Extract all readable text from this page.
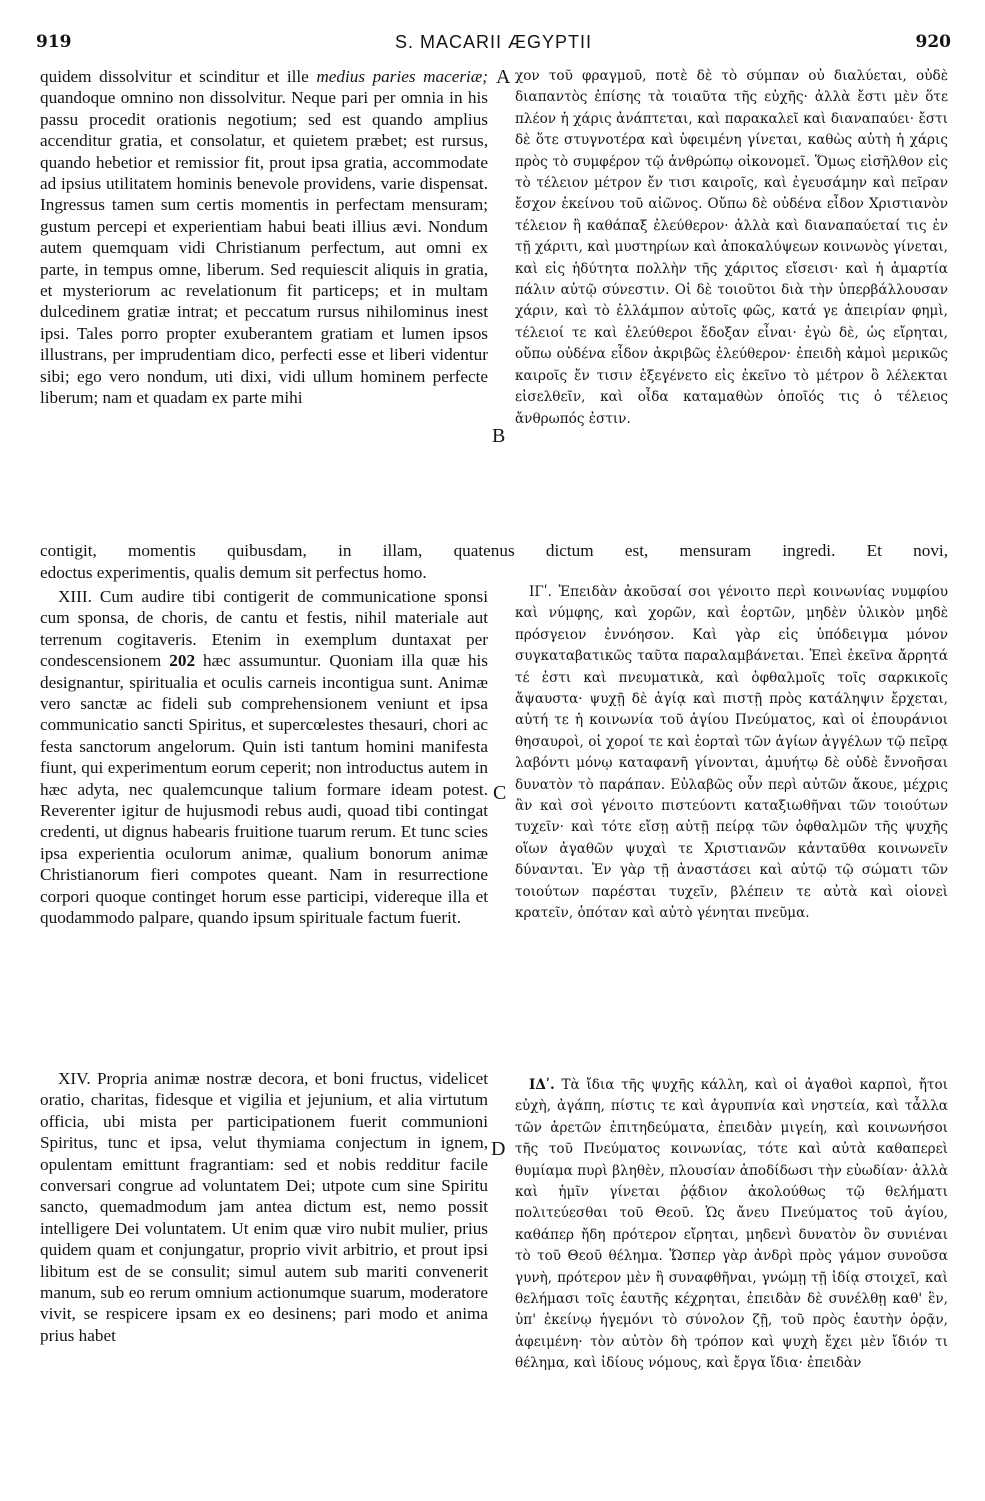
919	S. MACARII ÆGYPTII	920
A
B
C
D

quidem dissolvitur et scinditur et ille medius paries maceriæ; quandoque omnino non dissolvitur. Neque pari per omnia in his passu procedit orationis negotium; sed est quando amplius accenditur gratia, et consolatur, et quietem præbet; est rursus, quando hebetior et remissior fit, prout ipsa gratia, accommodate ad ipsius utilitatem hominis benevole providens, varie dispensat. Ingressus tamen sum certis momentis in perfectam mensuram; gustum percepi et experientiam habui beati illius ævi. Nondum autem quemquam vidi Christianum perfectum, aut omni ex parte, in tempus omne, liberum. Sed requiescit aliquis in gratia, et mysteriorum ac revelationum fit particeps; et in multam dulcedinem gratiæ intrat; et peccatum rursus nihilominus inest ipsi. Tales porro propter exuberantem gratiam et lumen ipsos illustrans, per imprudentiam dico, perfecti esse et liberi videntur sibi; ego vero nondum, uti dixi, vidi ullum hominem perfecte liberum; nam et quadam ex parte mihi

χον τοῦ φραγμοῦ, ποτὲ δὲ τὸ σύμπαν οὐ διαλύεται, οὐδὲ διαπαντὸς ἐπίσης τὰ τοιαῦτα τῆς εὐχῆς· ἀλλὰ ἔστι μὲν ὅτε πλέον ἡ χάρις ἀνάπτεται, καὶ παρακαλεῖ καὶ διαναπαύει· ἔστι δὲ ὅτε στυγνοτέρα καὶ ὑφειμένη γίνεται, καθὼς αὐτὴ ἡ χάρις πρὸς τὸ συμφέρον τῷ ἀνθρώπῳ οἰκονομεῖ. Ὅμως εἰσῆλθον εἰς τὸ τέλειον μέτρον ἔν τισι καιροῖς, καὶ ἐγευσάμην καὶ πεῖραν ἔσχον ἐκείνου τοῦ αἰῶνος. Οὔπω δὲ οὐδένα εἶδον Χριστιανὸν τέλειον ἢ καθάπαξ ἐλεύθερον· ἀλλὰ καὶ διαναπαύεταί τις ἐν τῇ χάριτι, καὶ μυστηρίων καὶ ἀποκαλύψεων κοινωνὸς γίνεται, καὶ εἰς ἡδύτητα πολλὴν τῆς χάριτος εἴσεισι· καὶ ἡ ἁμαρτία πάλιν αὐτῷ σύνεστιν. Οἱ δὲ τοιοῦτοι διὰ τὴν ὑπερβάλλουσαν χάριν, καὶ τὸ ἐλλάμπον αὐτοῖς φῶς, κατά γε ἀπειρίαν φημὶ, τέλειοί τε καὶ ἐλεύθεροι ἔδοξαν εἶναι· ἐγὼ δὲ, ὡς εἴρηται, οὔπω οὐδένα εἶδον ἀκριβῶς ἐλεύθερον· ἐπειδὴ κἀμοὶ μερικῶς καιροῖς ἔν τισιν ἐξεγένετο εἰς ἐκεῖνο τὸ μέτρον ὃ λέλεκται εἰσελθεῖν, καὶ οἶδα καταμαθὼν ὁποῖός τις ὁ τέλειος ἄνθρωπός ἐστιν.

contigit, momentis quibusdam, in illam, quatenus dictum est, mensuram ingredi. Et novi,
edoctus experimentis, qualis demum sit perfectus homo.

XIII. Cum audire tibi contigerit de communicatione sponsi cum sponsa, de choris, de cantu et festis, nihil materiale aut terrenum cogitaveris. Etenim in exemplum duntaxat per condescensionem 202 hæc assumuntur. Quoniam illa quæ his designantur, spiritualia et oculis carneis incontigua sunt. Animæ vero sanctæ ac fideli sub comprehensionem veniunt et ipsa communicatio sancti Spiritus, et supercœlestes thesauri, chori ac festa sanctorum angelorum. Quin isti tantum homini manifesta fiunt, qui experimentum eorum ceperit; non introductus autem in hæc adyta, nec qualemcunque talium formare ideam potest. Reverenter igitur de hujusmodi rebus audi, quoad tibi contingat credenti, ut dignus habearis fruitione tuarum rerum. Et tunc scies ipsa experientia oculorum animæ, qualium bonorum animæ Christianorum fieri compotes queant. Nam in resurrectione corpori quoque continget horum esse participi, videreque illa et quodammodo palpare, quando ipsum spirituale factum fuerit.

ΙΓʹ. Ἐπειδὰν ἀκοῦσαί σοι γένοιτο περὶ κοινωνίας νυμφίου καὶ νύμφης, καὶ χορῶν, καὶ ἑορτῶν, μηδὲν ὑλικὸν μηδὲ πρόσγειον ἐννόησον. Καὶ γὰρ εἰς ὑπόδειγμα μόνον συγκαταβατικῶς ταῦτα παραλαμβάνεται. Ἐπεὶ ἐκεῖνα ἄρρητά τέ ἐστι καὶ πνευματικὰ, καὶ ὀφθαλμοῖς τοῖς σαρκικοῖς ἄψαυστα· ψυχῇ δὲ ἁγίᾳ καὶ πιστῇ πρὸς κατάληψιν ἔρχεται, αὐτή τε ἡ κοινωνία τοῦ ἁγίου Πνεύματος, καὶ οἱ ἐπουράνιοι θησαυροὶ, οἱ χοροί τε καὶ ἑορταὶ τῶν ἁγίων ἀγγέλων τῷ πεῖρᾳ λαβόντι μόνῳ καταφανῆ γίνονται, ἀμυήτῳ δὲ οὐδὲ ἔννοῆσαι δυνατὸν τὸ παράπαν. Εὐλαβῶς οὖν περὶ αὐτῶν ἄκουε, μέχρις ἂν καὶ σοὶ γένοιτο πιστεύοντι καταξιωθῆναι τῶν τοιούτων τυχεῖν· καὶ τότε εἴσῃ αὐτῇ πείρᾳ τῶν ὀφθαλμῶν τῆς ψυχῆς οἵων ἀγαθῶν ψυχαὶ τε Χριστιανῶν κἀνταῦθα κοινωνεῖν δύνανται. Ἐν γὰρ τῇ ἀναστάσει καὶ αὐτῷ τῷ σώματι τῶν τοιούτων παρέσται τυχεῖν, βλέπειν τε αὐτὰ καὶ οἱονεὶ κρατεῖν, ὁπόταν καὶ αὐτὸ γένηται πνεῦμα.

XIV. Propria animæ nostræ decora, et boni fructus, videlicet oratio, charitas, fidesque et vigilia et jejunium, et alia virtutum officia, ubi mista per participationem fuerit communioni Spiritus, tunc et ipsa, velut thymiama conjectum in ignem, opulentam emittunt fragrantiam: sed et nobis redditur facile conversari congrue ad voluntatem Dei; utpote cum sine Spiritu sancto, quemadmodum jam antea dictum est, nemo possit intelligere Dei voluntatem. Ut enim quæ viro nubit mulier, prius quidem quam et conjungatur, proprio vivit arbitrio, et prout ipsi libitum est de se consulit; simul autem sub mariti convenerit manum, sub eo rerum omnium actionumque suarum, moderatore vivit, se respicere ipsam ex eo desinens; pari modo et anima prius habet

ΙΔʹ. Τὰ ἴδια τῆς ψυχῆς κάλλη, καὶ οἱ ἀγαθοὶ καρποὶ, ἤτοι εὐχὴ, ἀγάπη, πίστις τε καὶ ἀγρυπνία καὶ νηστεία, καὶ τἆλλα τῶν ἀρετῶν ἐπιτηδεύματα, ἐπειδὰν μιγείη, καὶ κοινωνήσοι τῆς τοῦ Πνεύματος κοινωνίας, τότε καὶ αὐτὰ καθαπερεὶ θυμίαμα πυρὶ βληθὲν, πλουσίαν ἀποδίδωσι τὴν εὐωδίαν· ἀλλὰ καὶ ἡμῖν γίνεται ῥᾴδιον ἀκολούθως τῷ θελήματι πολιτεύεσθαι τοῦ Θεοῦ. Ὡς ἄνευ Πνεύματος τοῦ ἁγίου, καθάπερ ἤδη πρότερον εἴρηται, μηδενὶ δυνατὸν ὂν συνιέναι τὸ τοῦ Θεοῦ θέλημα. Ὥσπερ γὰρ ἀνδρὶ πρὸς γάμον συνοῦσα γυνὴ, πρότερον μὲν ἢ συναφθῆναι, γνώμῃ τῇ ἰδίᾳ στοιχεῖ, καὶ θελήμασι τοῖς ἑαυτῆς κέχρηται, ἐπειδὰν δὲ συνέλθῃ καθ' ἓν, ὑπ' ἐκείνῳ ἡγεμόνι τὸ σύνολον ζῇ, τοῦ πρὸς ἑαυτὴν ὁρᾷν, ἀφειμένη· τὸν αὐτὸν δὴ τρόπον καὶ ψυχὴ ἔχει μὲν ἴδιόν τι θέλημα, καὶ ἰδίους νόμους, καὶ ἔργα ἴδια· ἐπειδὰν
